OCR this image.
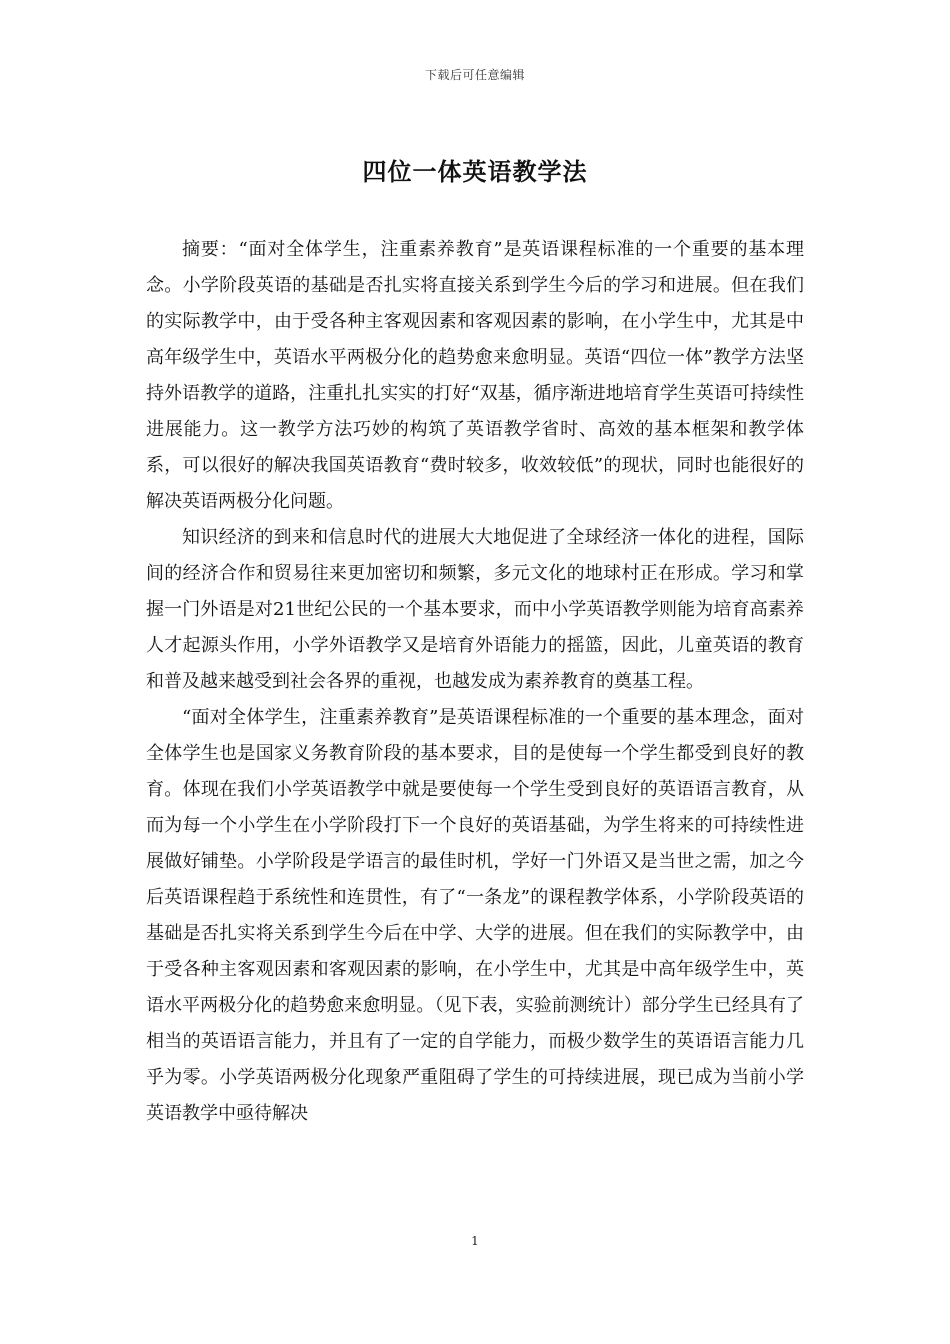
下载后可任意编辑
四位一体英语教学法

摘要：“面对全体学生，注重素养教育”是英语课程标准的一个重要的基本理念。小学阶段英语的基础是否扎实将直接关系到学生今后的学习和进展。但在我们的实际教学中，由于受各种主客观因素和客观因素的影响，在小学生中，尤其是中高年级学生中，英语水平两极分化的趋势愈来愈明显。英语“四位一体”教学方法坚持外语教学的道路，注重扎扎实实的打好“双基，循序渐进地培育学生英语可持续性进展能力。这一教学方法巧妙的构筑了英语教学省时、高效的基本框架和教学体系，可以很好的解决我国英语教育“费时较多，收效较低”的现状，同时也能很好的解决英语两极分化问题。

知识经济的到来和信息时代的进展大大地促进了全球经济一体化的进程，国际间的经济合作和贸易往来更加密切和频繁，多元文化的地球村正在形成。学习和掌握一门外语是对21世纪公民的一个基本要求，而中小学英语教学则能为培育高素养人才起源头作用，小学外语教学又是培育外语能力的摇篮，因此，儿童英语的教育和普及越来越受到社会各界的重视，也越发成为素养教育的奠基工程。

“面对全体学生，注重素养教育”是英语课程标准的一个重要的基本理念，面对全体学生也是国家义务教育阶段的基本要求，目的是使每一个学生都受到良好的教育。体现在我们小学英语教学中就是要使每一个学生受到良好的英语语言教育，从而为每一个小学生在小学阶段打下一个良好的英语基础，为学生将来的可持续性进展做好铺垫。小学阶段是学语言的最佳时机，学好一门外语又是当世之需，加之今后英语课程趋于系统性和连贯性，有了“一条龙”的课程教学体系，小学阶段英语的基础是否扎实将关系到学生今后在中学、大学的进展。但在我们的实际教学中，由于受各种主客观因素和客观因素的影响，在小学生中，尤其是中高年级学生中，英语水平两极分化的趋势愈来愈明显。（见下表，实验前测统计）部分学生已经具有了相当的英语语言能力，并且有了一定的自学能力，而极少数学生的英语语言能力几乎为零。小学英语两极分化现象严重阻碍了学生的可持续进展，现已成为当前小学英语教学中亟待解决

1
